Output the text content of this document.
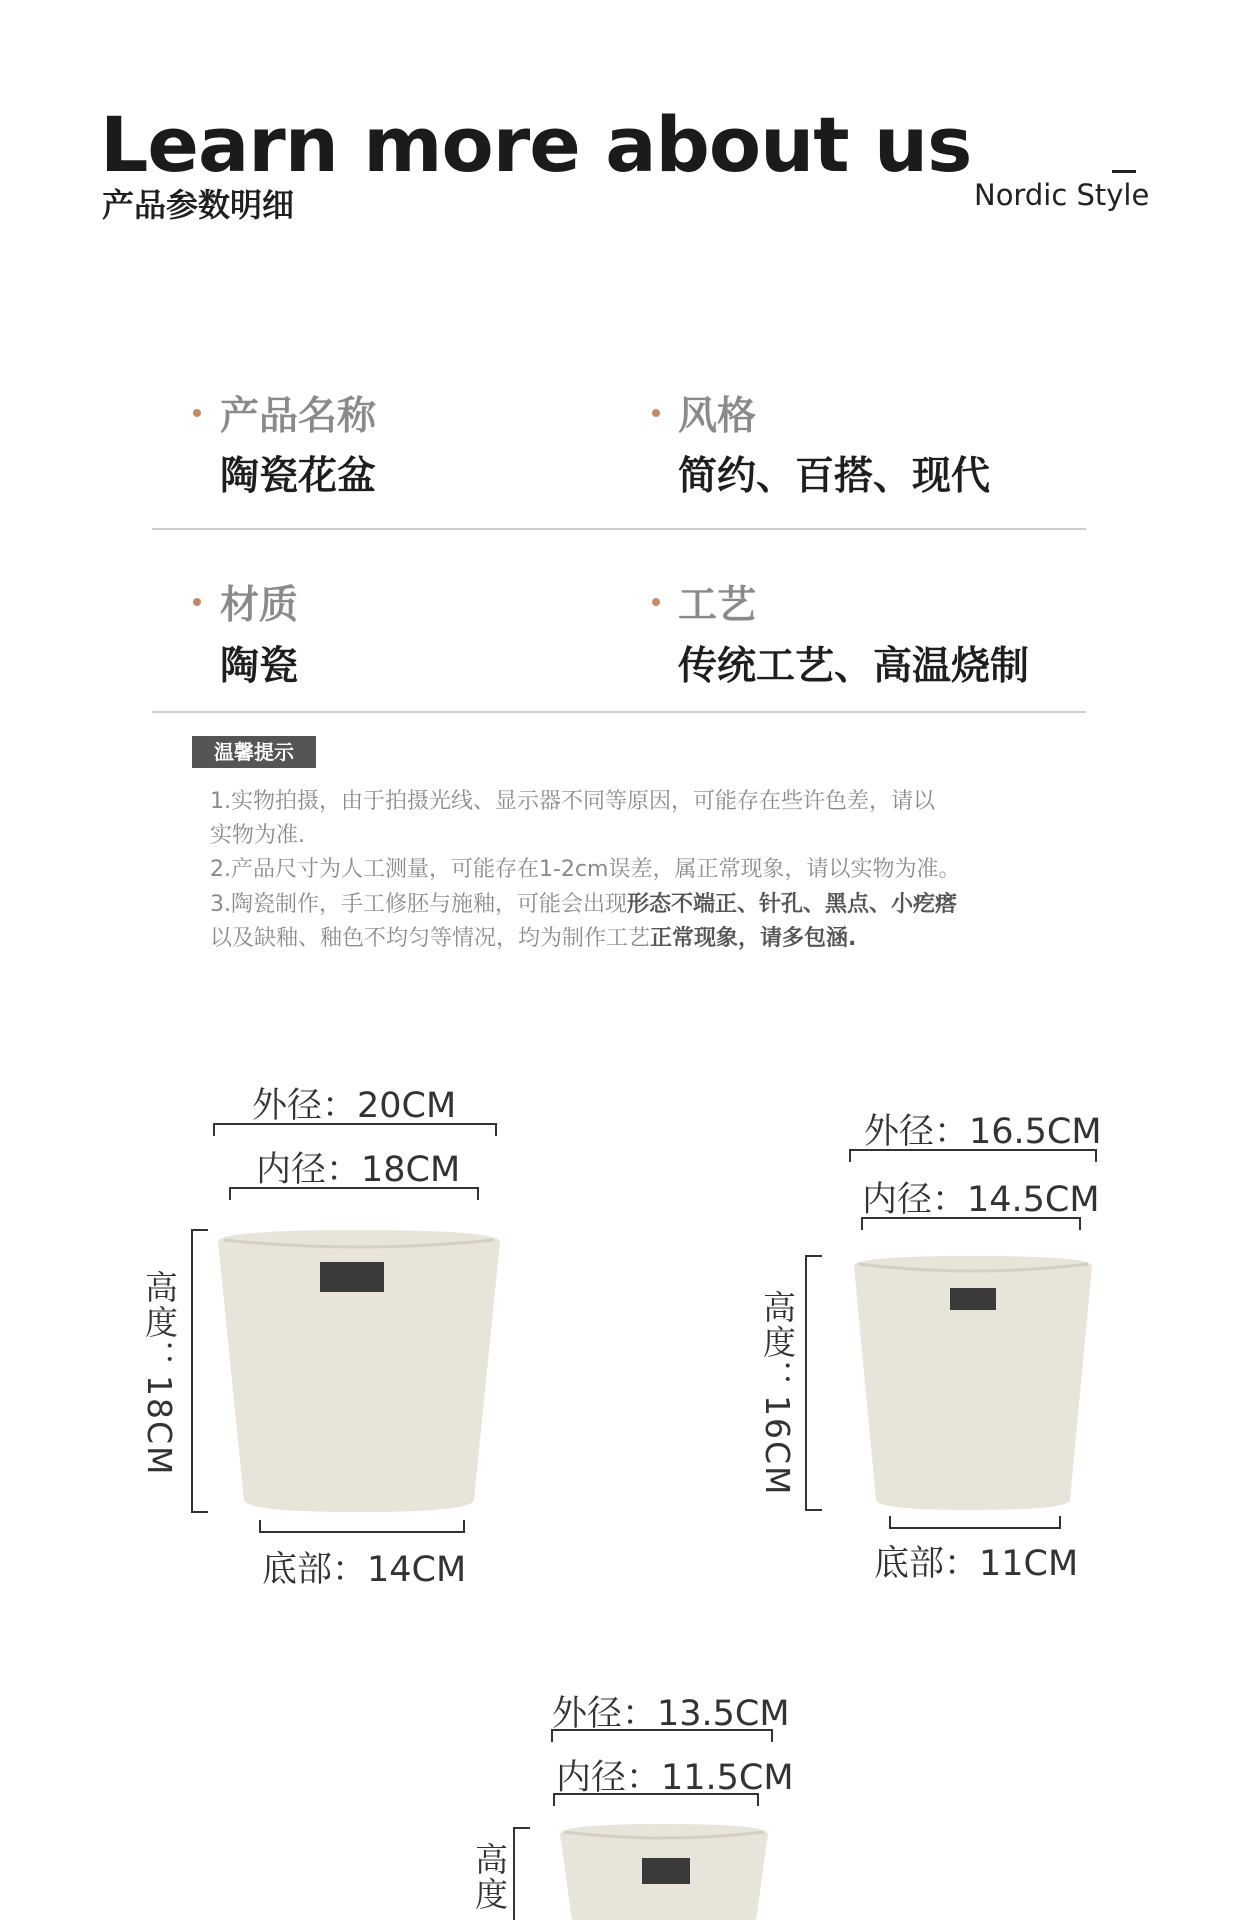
Learn more about us
产品参数明细	Nordic Style
产品名称
陶瓷花盆
风格
简约、百搭、现代
材质
陶瓷
工艺
传统工艺、高温烧制
温馨提示
1.实物拍摄，由于拍摄光线、显示器不同等原因，可能存在些许色差，请以
实物为准.
2.产品尺寸为人工测量，可能存在1-2cm误差，属正常现象，请以实物为准。
3.陶瓷制作，手工修胚与施釉，可能会出现形态不端正、针孔、黑点、小疙瘩
以及缺釉、釉色不均匀等情况，均为制作工艺正常现象，请多包涵.
外径：20CM
内径：18CM
高度：18CM
底部：14CM
外径：16.5CM
内径：14.5CM
高度：16CM
底部：11CM
外径：13.5CM
内径：11.5CM
高度
